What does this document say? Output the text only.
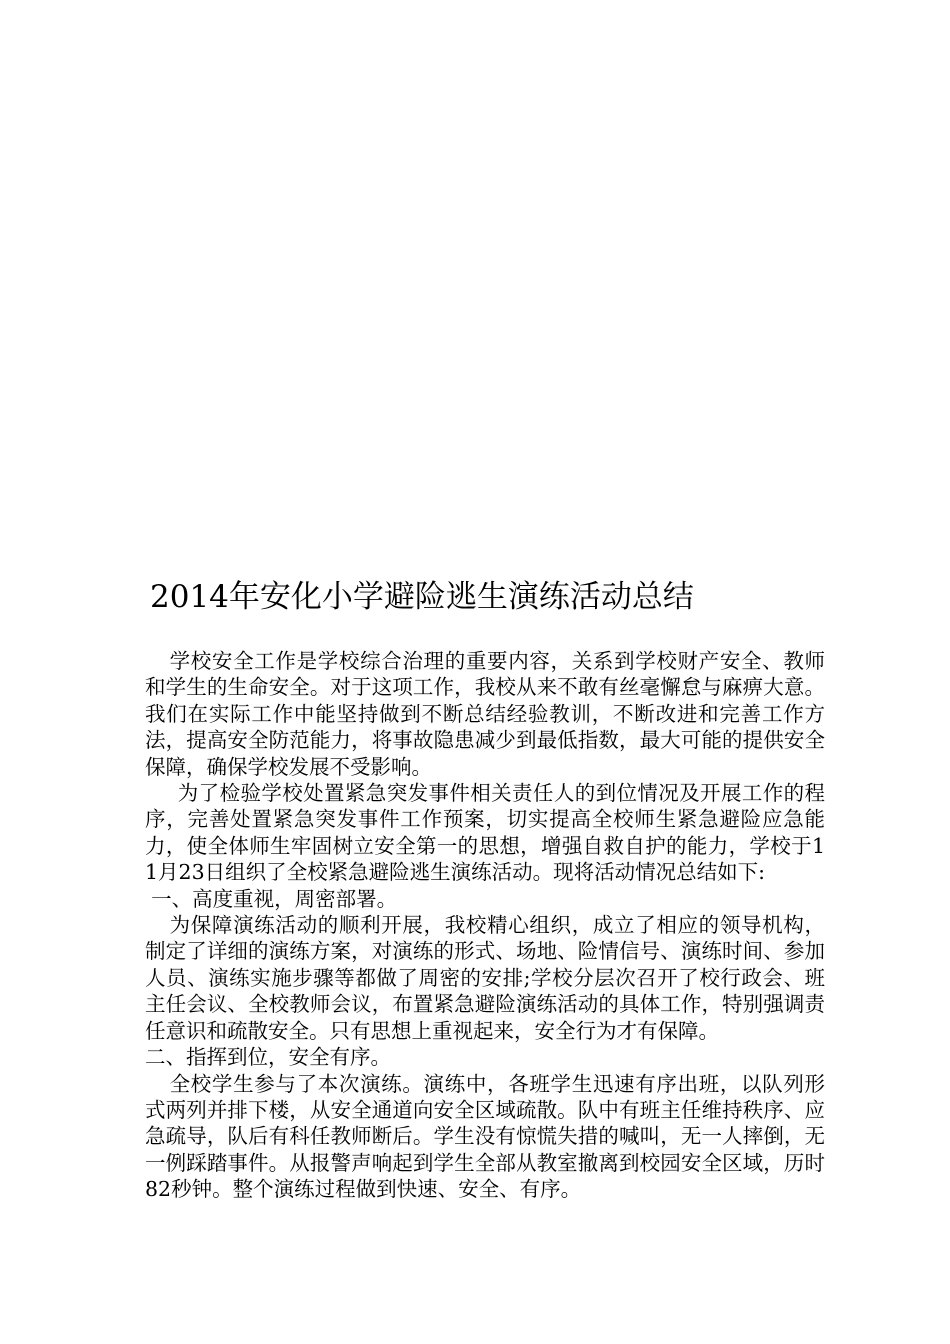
2014年安化小学避险逃生演练活动总结

学校安全工作是学校综合治理的重要内容，关系到学校财产安全、教师和学生的生命安全。对于这项工作，我校从来不敢有丝毫懈怠与麻痹大意。我们在实际工作中能坚持做到不断总结经验教训，不断改进和完善工作方法，提高安全防范能力，将事故隐患减少到最低指数，最大可能的提供安全保障，确保学校发展不受影响。

为了检验学校处置紧急突发事件相关责任人的到位情况及开展工作的程序，完善处置紧急突发事件工作预案，切实提高全校师生紧急避险应急能力，使全体师生牢固树立安全第一的思想，增强自救自护的能力，学校于11月23日组织了全校紧急避险逃生演练活动。现将活动情况总结如下:

一、高度重视，周密部署。

为保障演练活动的顺利开展，我校精心组织，成立了相应的领导机构，制定了详细的演练方案，对演练的形式、场地、险情信号、演练时间、参加人员、演练实施步骤等都做了周密的安排;学校分层次召开了校行政会、班主任会议、全校教师会议，布置紧急避险演练活动的具体工作，特别强调责任意识和疏散安全。只有思想上重视起来，安全行为才有保障。

二、指挥到位，安全有序。

全校学生参与了本次演练。演练中，各班学生迅速有序出班，以队列形式两列并排下楼，从安全通道向安全区域疏散。队中有班主任维持秩序、应急疏导，队后有科任教师断后。学生没有惊慌失措的喊叫，无一人摔倒，无一例踩踏事件。从报警声响起到学生全部从教室撤离到校园安全区域，历时82秒钟。整个演练过程做到快速、安全、有序。
